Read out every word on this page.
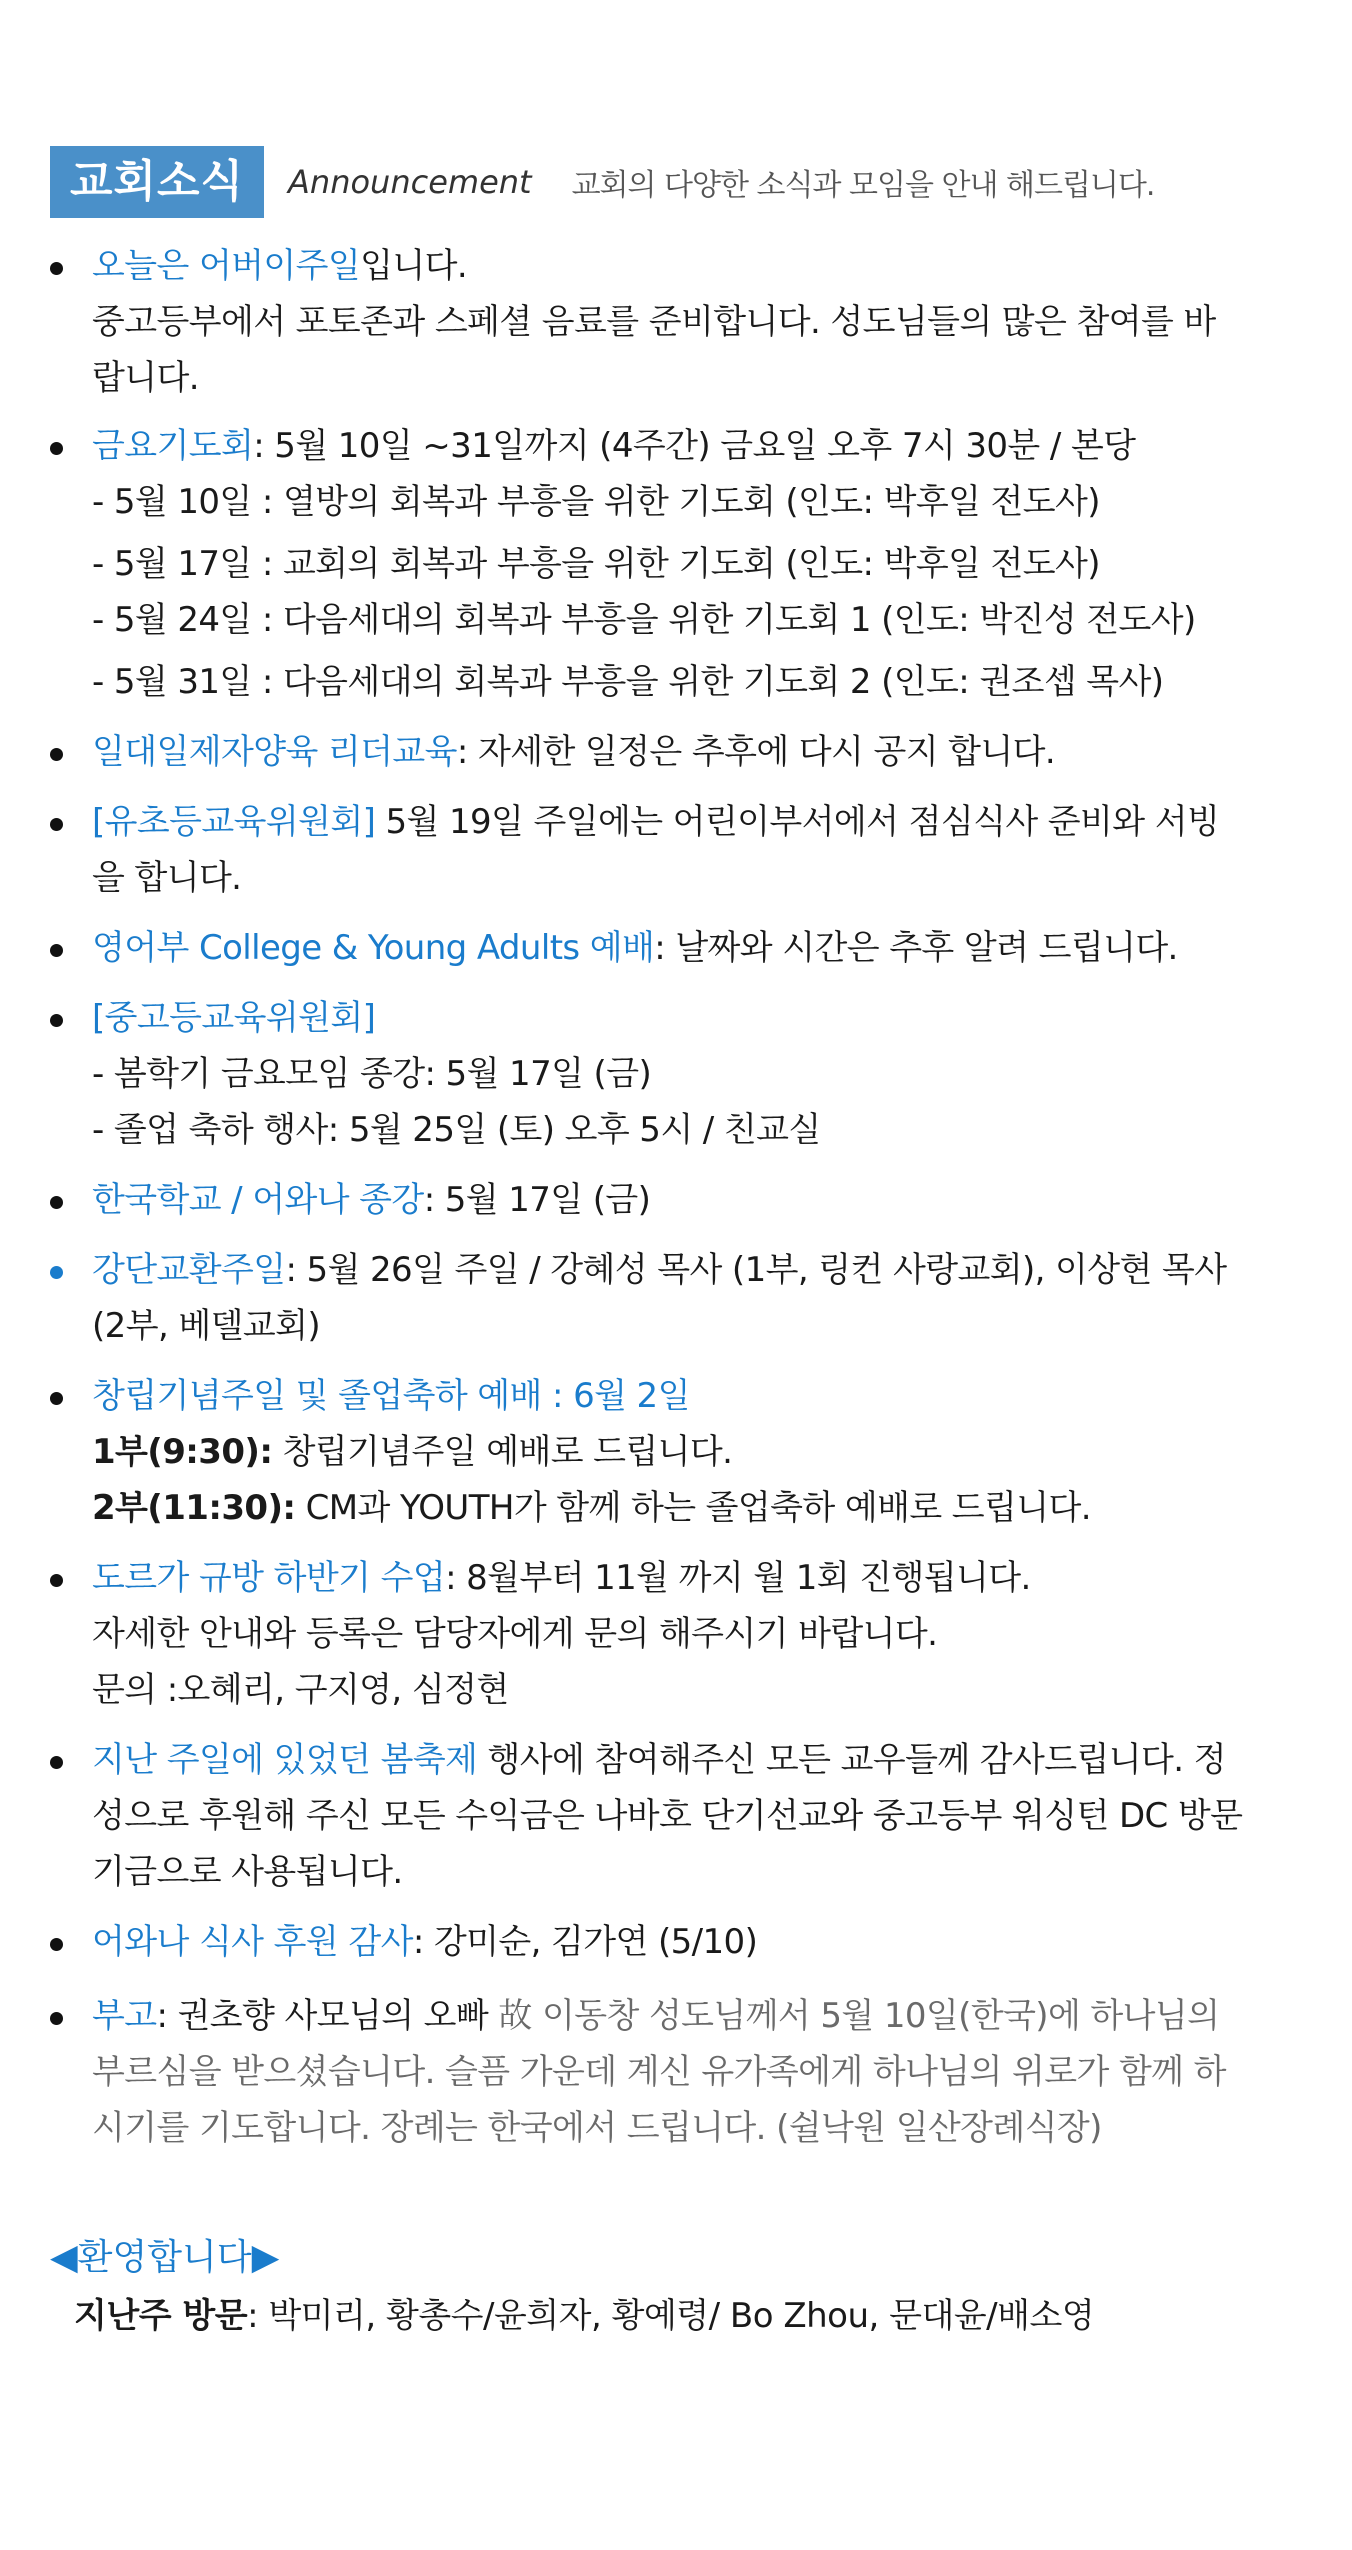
교회소식	Announcement 교회의 다양한 소식과 모임을 안내 해드립니다.
오늘은 어버이주일입니다.
중고등부에서 포토존과 스페셜 음료를 준비합니다. 성도님들의 많은 참여를 바
랍니다.
금요기도회: 5월 10일 ~31일까지 (4주간) 금요일 오후 7시 30분 / 본당
- 5월 10일 : 열방의 회복과 부흥을 위한 기도회 (인도: 박후일 전도사)
- 5월 17일 : 교회의 회복과 부흥을 위한 기도회 (인도: 박후일 전도사)
- 5월 24일 : 다음세대의 회복과 부흥을 위한 기도회 1 (인도: 박진성 전도사)
- 5월 31일 : 다음세대의 회복과 부흥을 위한 기도회 2 (인도: 권조셉 목사)
일대일제자양육 리더교육: 자세한 일정은 추후에 다시 공지 합니다.
[유초등교육위원회] 5월 19일 주일에는 어린이부서에서 점심식사 준비와 서빙
을 합니다.
영어부 College & Young Adults 예배: 날짜와 시간은 추후 알려 드립니다.
[중고등교육위원회]
- 봄학기 금요모임 종강: 5월 17일 (금)
- 졸업 축하 행사: 5월 25일 (토) 오후 5시 / 친교실
한국학교 / 어와나 종강: 5월 17일 (금)
강단교환주일: 5월 26일 주일 / 강혜성 목사 (1부, 링컨 사랑교회), 이상현 목사
(2부, 베델교회)
창립기념주일 및 졸업축하 예배 : 6월 2일
1부(9:30): 창립기념주일 예배로 드립니다.
2부(11:30): CM과 YOUTH가 함께 하는 졸업축하 예배로 드립니다.
도르가 규방 하반기 수업: 8월부터 11월 까지 월 1회 진행됩니다.
자세한 안내와 등록은 담당자에게 문의 해주시기 바랍니다.
문의 :오혜리, 구지영, 심정현
지난 주일에 있었던 봄축제 행사에 참여해주신 모든 교우들께 감사드립니다. 정
성으로 후원해 주신 모든 수익금은 나바호 단기선교와 중고등부 워싱턴 DC 방문
기금으로 사용됩니다.
어와나 식사 후원 감사: 강미순, 김가연 (5/10)
부고: 권초향 사모님의 오빠 故 이동창 성도님께서 5월 10일(한국)에 하나님의
부르심을 받으셨습니다. 슬픔 가운데 계신 유가족에게 하나님의 위로가 함께 하
시기를 기도합니다. 장례는 한국에서 드립니다. (쉴낙원 일산장례식장)
◀환영합니다▶
지난주 방문: 박미리, 황총수/윤희자, 황예령/ Bo Zhou, 문대윤/배소영
